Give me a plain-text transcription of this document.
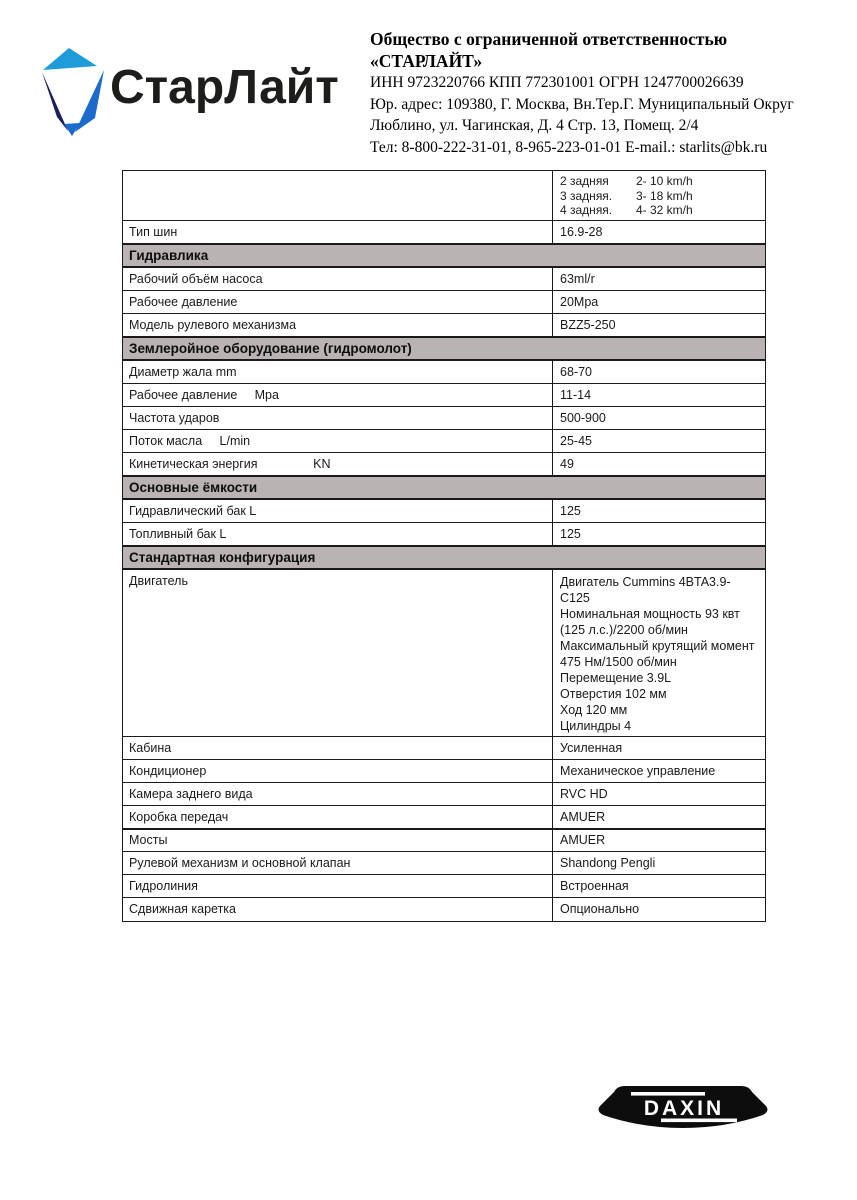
СтарЛайт
Общество с ограниченной ответственностью
«СТАРЛАЙТ»
ИНН 9723220766 КПП 772301001 ОГРН 1247700026639
Юр. адрес: 109380, Г. Москва, Вн.Тер.Г. Муниципальный Округ
Люблино, ул. Чагинская, Д. 4 Стр. 13, Помещ. 2/4
Тел: 8-800-222-31-01, 8-965-223-01-01 E-mail.: starlits@bk.ru
2 задняя	2- 10 km/h
3 задняя.	3- 18 km/h
4 задняя.	4- 32 km/h
Тип шин	16.9-28
Гидравлика
Рабочий объём насоса	63ml/r
Рабочее давление	20Mpa
Модель рулевого механизма	BZZ5-250
Землеройное оборудование (гидромолот)
Диаметр жала mm	68-70
Рабочее давление     Mpa	11-14
Частота ударов	500-900
Поток масла     L/min	25-45
Кинетическая энергия                KN	49
Основные ёмкости
Гидравлический бак L	125
Топливный бак L	125
Стандартная конфигурация
Двигатель	Двигатель Cummins 4BTA3.9-C125
Номинальная мощность 93 квт (125 л.с.)/2200 об/мин
Максимальный крутящий момент 475 Нм/1500 об/мин
Перемещение 3.9L
Отверстия 102 мм
Ход 120 мм
Цилиндры 4
Кабина	Усиленная
Кондиционер	Механическое управление
Камера заднего вида	RVC HD
Коробка передач	AMUER
Мосты	AMUER
Рулевой механизм и основной клапан	Shandong Pengli
Гидролиния	Встроенная
Сдвижная каретка	Опционально
DAXIN
